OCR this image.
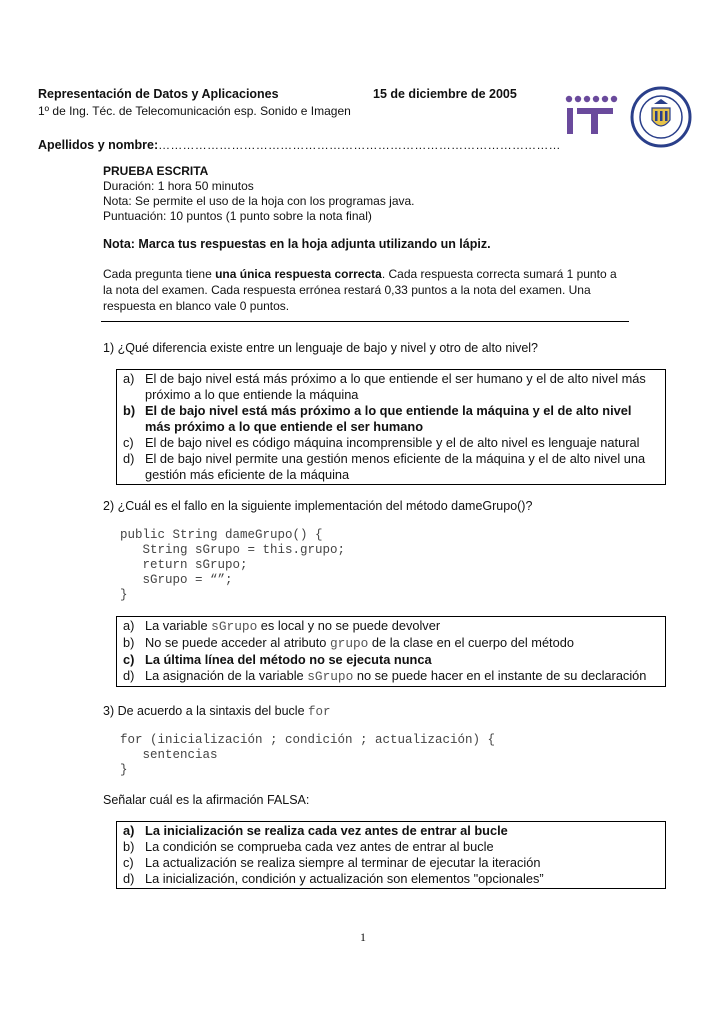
Representación de Datos y Aplicaciones	15 de diciembre de 2005
1º de Ing. Téc. de Telecomunicación esp. Sonido e Imagen
Apellidos y nombre:………………………………………………………………………………………
PRUEBA ESCRITA
Duración: 1 hora 50 minutos
Nota: Se permite el uso de la hoja con los programas java.
Puntuación: 10 puntos (1 punto sobre la nota final)
Nota: Marca tus respuestas en la hoja adjunta utilizando un lápiz.
Cada pregunta tiene una única respuesta correcta. Cada respuesta correcta sumará 1 punto a la nota del examen. Cada respuesta errónea restará 0,33 puntos a la nota del examen. Una respuesta en blanco vale 0 puntos.
1) ¿Qué diferencia existe entre un lenguaje de bajo y nivel y otro de alto nivel?
a) El de bajo nivel está más próximo a lo que entiende el ser humano y el de alto nivel más próximo a lo que entiende la máquina
b) El de bajo nivel está más próximo a lo que entiende la máquina y el de alto nivel más próximo a lo que entiende el ser humano
c) El de bajo nivel es código máquina incomprensible y el de alto nivel es lenguaje natural
d) El de bajo nivel permite una gestión menos eficiente de la máquina y el de alto nivel una gestión más eficiente de la máquina
2) ¿Cuál es el fallo en la siguiente implementación del método dameGrupo()?
public String dameGrupo() {
String sGrupo = this.grupo;
return sGrupo;
sGrupo = “”;
}
a) La variable sGrupo es local y no se puede devolver
b) No se puede acceder al atributo grupo de la clase en el cuerpo del método
c) La última línea del método no se ejecuta nunca
d) La asignación de la variable sGrupo no se puede hacer en el instante de su declaración
3) De acuerdo a la sintaxis del bucle for
for (inicialización ; condición ; actualización) {
sentencias
}
Señalar cuál es la afirmación FALSA:
a) La inicialización se realiza cada vez antes de entrar al bucle
b) La condición se comprueba cada vez antes de entrar al bucle
c) La actualización se realiza siempre al terminar de ejecutar la iteración
d) La inicialización, condición y actualización son elementos "opcionales”
1
